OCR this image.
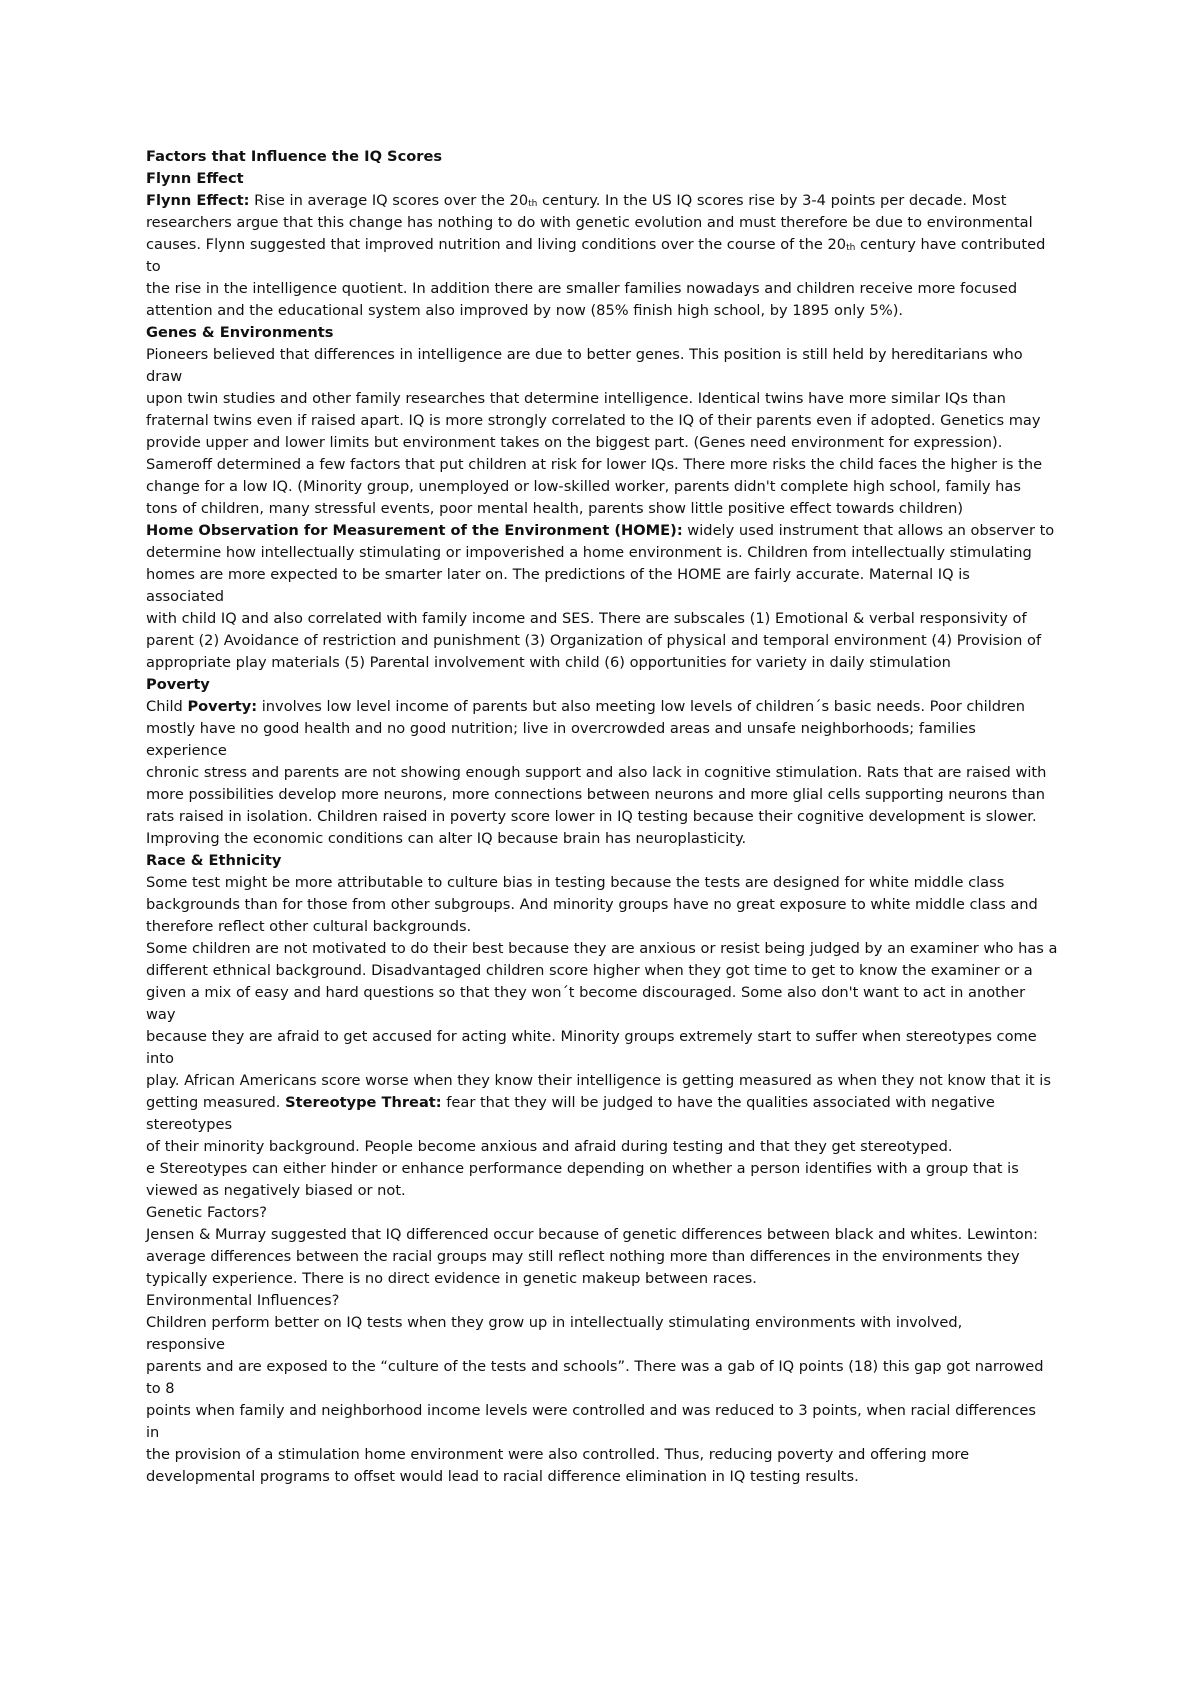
Factors that Influence the IQ Scores
Flynn Effect
Flynn Effect: Rise in average IQ scores over the $20_{th}$ century. In the US IQ scores rise by 3-4 points per decade. Most
researchers argue that this change has nothing to do with genetic evolution and must therefore be due to environmental
causes. Flynn suggested that improved nutrition and living conditions over the course of the $20_{th}$ century have contributed
to
the rise in the intelligence quotient. In addition there are smaller families nowadays and children receive more focused
attention and the educational system also improved by now (85% finish high school, by 1895 only 5%).
Genes & Environments
Pioneers believed that differences in intelligence are due to better genes. This position is still held by hereditarians who
draw
upon twin studies and other family researches that determine intelligence. Identical twins have more similar IQs than
fraternal twins even if raised apart. IQ is more strongly correlated to the IQ of their parents even if adopted. Genetics may
provide upper and lower limits but environment takes on the biggest part. (Genes need environment for expression).
Sameroff determined a few factors that put children at risk for lower IQs. There more risks the child faces the higher is the
change for a low IQ. (Minority group, unemployed or low-skilled worker, parents didn't complete high school, family has
tons of children, many stressful events, poor mental health, parents show little positive effect towards children)
Home Observation for Measurement of the Environment (HOME): widely used instrument that allows an observer to
determine how intellectually stimulating or impoverished a home environment is. Children from intellectually stimulating
homes are more expected to be smarter later on. The predictions of the HOME are fairly accurate. Maternal IQ is
associated
with child IQ and also correlated with family income and SES. There are subscales (1) Emotional & verbal responsivity of
parent (2) Avoidance of restriction and punishment (3) Organization of physical and temporal environment (4) Provision of
appropriate play materials (5) Parental involvement with child (6) opportunities for variety in daily stimulation
Poverty
Child Poverty: involves low level income of parents but also meeting low levels of children´s basic needs. Poor children
mostly have no good health and no good nutrition; live in overcrowded areas and unsafe neighborhoods; families
experience
chronic stress and parents are not showing enough support and also lack in cognitive stimulation. Rats that are raised with
more possibilities develop more neurons, more connections between neurons and more glial cells supporting neurons than
rats raised in isolation. Children raised in poverty score lower in IQ testing because their cognitive development is slower.
Improving the economic conditions can alter IQ because brain has neuroplasticity.
Race & Ethnicity
Some test might be more attributable to culture bias in testing because the tests are designed for white middle class
backgrounds than for those from other subgroups. And minority groups have no great exposure to white middle class and
therefore reflect other cultural backgrounds.
Some children are not motivated to do their best because they are anxious or resist being judged by an examiner who has a
different ethnical background. Disadvantaged children score higher when they got time to get to know the examiner or a
given a mix of easy and hard questions so that they won´t become discouraged. Some also don't want to act in another
way
because they are afraid to get accused for acting white. Minority groups extremely start to suffer when stereotypes come
into
play. African Americans score worse when they know their intelligence is getting measured as when they not know that it is
getting measured. Stereotype Threat: fear that they will be judged to have the qualities associated with negative
stereotypes
of their minority background. People become anxious and afraid during testing and that they get stereotyped.
e Stereotypes can either hinder or enhance performance depending on whether a person identifies with a group that is
viewed as negatively biased or not.
Genetic Factors?
Jensen & Murray suggested that IQ differenced occur because of genetic differences between black and whites. Lewinton:
average differences between the racial groups may still reflect nothing more than differences in the environments they
typically experience. There is no direct evidence in genetic makeup between races.
Environmental Influences?
Children perform better on IQ tests when they grow up in intellectually stimulating environments with involved,
responsive
parents and are exposed to the “culture of the tests and schools”. There was a gab of IQ points (18) this gap got narrowed
to 8
points when family and neighborhood income levels were controlled and was reduced to 3 points, when racial differences
in
the provision of a stimulation home environment were also controlled. Thus, reducing poverty and offering more
developmental programs to offset would lead to racial difference elimination in IQ testing results.
